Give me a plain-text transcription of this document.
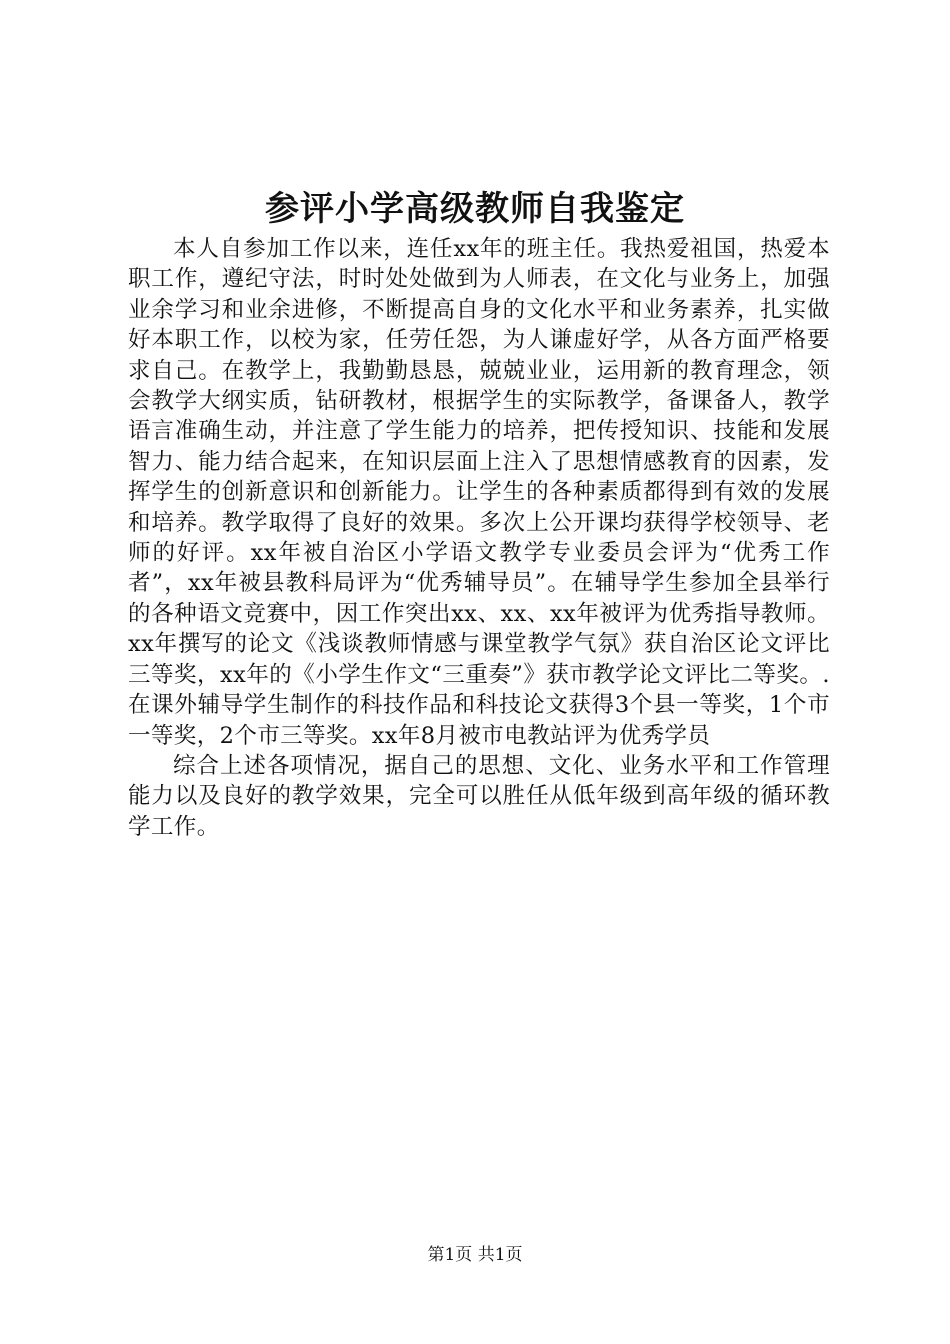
参评小学高级教师自我鉴定

本人自参加工作以来，连任xx年的班主任。我热爱祖国，热爱本职工作，遵纪守法，时时处处做到为人师表，在文化与业务上，加强业余学习和业余进修，不断提高自身的文化水平和业务素养，扎实做好本职工作，以校为家，任劳任怨，为人谦虚好学，从各方面严格要求自己。在教学上，我勤勤恳恳，兢兢业业，运用新的教育理念，领会教学大纲实质，钻研教材，根据学生的实际教学，备课备人，教学语言准确生动，并注意了学生能力的培养，把传授知识、技能和发展智力、能力结合起来，在知识层面上注入了思想情感教育的因素，发挥学生的创新意识和创新能力。让学生的各种素质都得到有效的发展和培养。教学取得了良好的效果。多次上公开课均获得学校领导、老师的好评。xx年被自治区小学语文教学专业委员会评为“优秀工作者”，xx年被县教科局评为“优秀辅导员”。在辅导学生参加全县举行的各种语文竞赛中，因工作突出xx、xx、xx年被评为优秀指导教师。xx年撰写的论文《浅谈教师情感与课堂教学气氛》获自治区论文评比三等奖，xx年的《小学生作文“三重奏”》获市教学论文评比二等奖。.在课外辅导学生制作的科技作品和科技论文获得3个县一等奖，1个市一等奖，2个市三等奖。xx年8月被市电教站评为优秀学员

综合上述各项情况，据自己的思想、文化、业务水平和工作管理能力以及良好的教学效果，完全可以胜任从低年级到高年级的循环教学工作。

第1页 共1页
